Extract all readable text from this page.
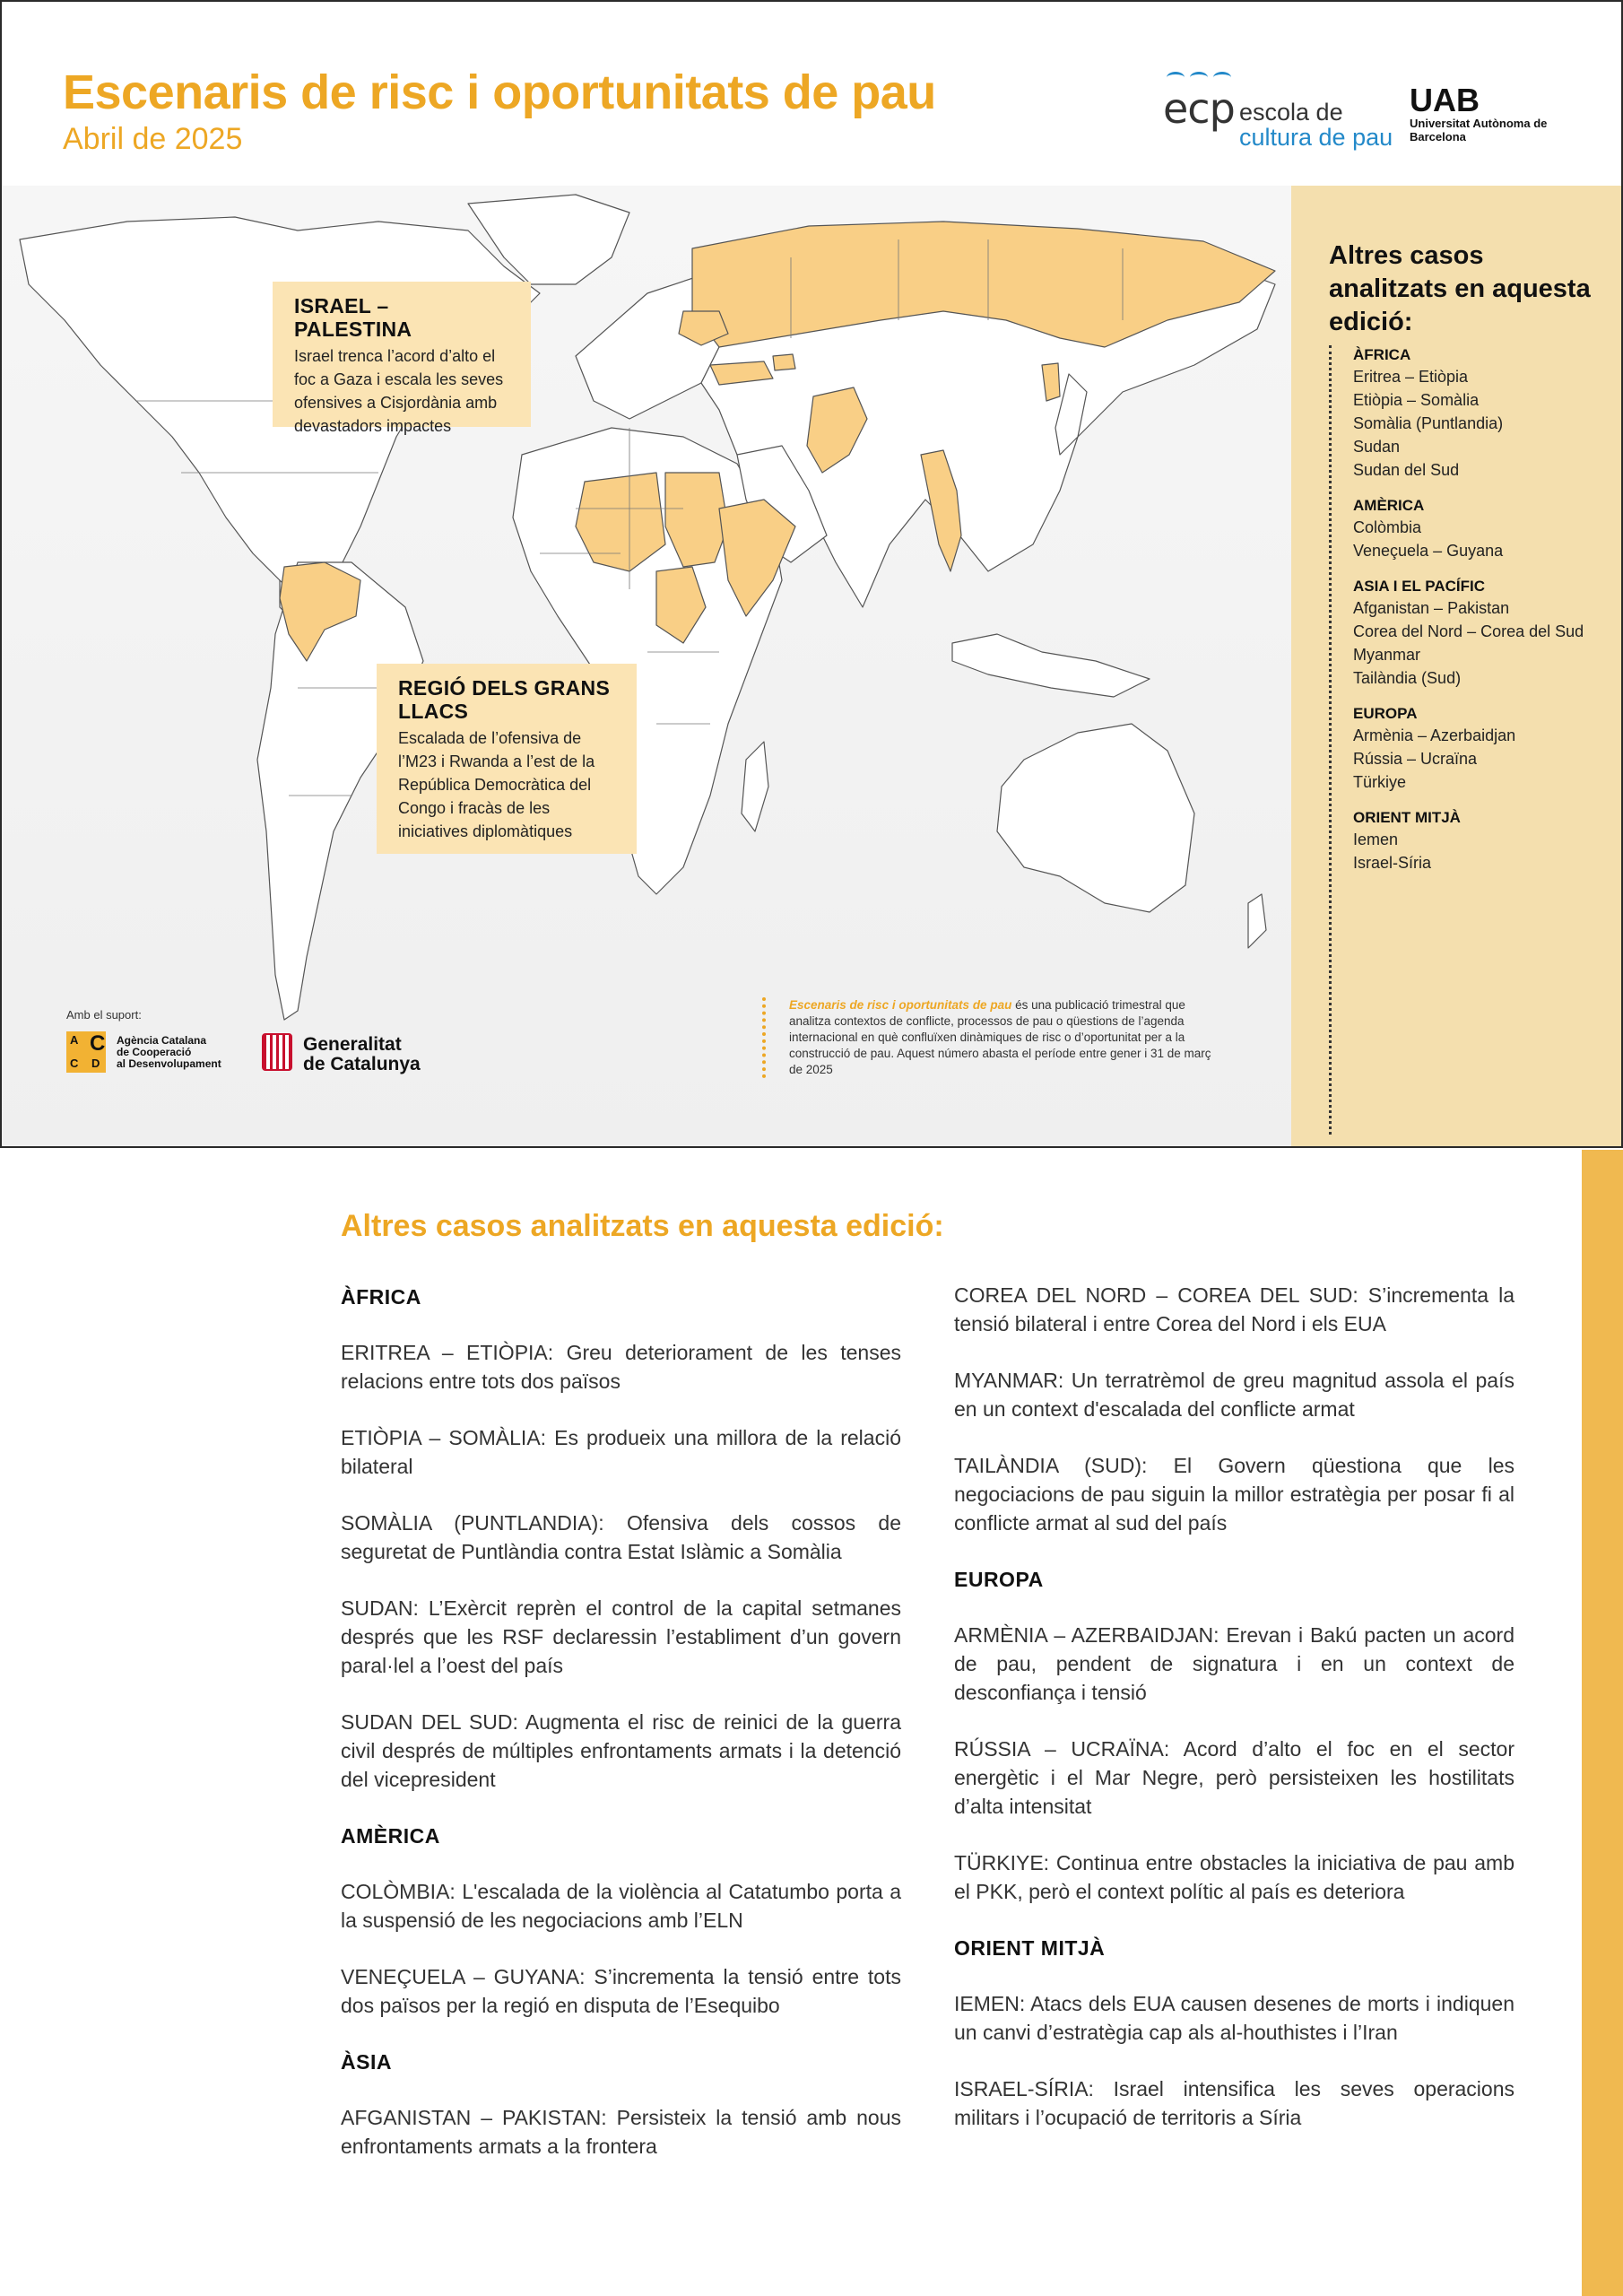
Escenaris de risc i oportunitats de pau
Abril de 2025
ecp escola de
cultura de pau
UAB
Universitat Autònoma de Barcelona
ISRAEL – PALESTINA

Israel trenca l’acord d’alto el foc a Gaza i escala les seves ofensives a Cisjordània amb devastadors impactes

REGIÓ DELS GRANS LLACS

Escalada de l’ofensiva de l’M23 i Rwanda a l’est de la República Democràtica del Congo i fracàs de les iniciatives diplomàtiques

Amb el suport:
A C
C D
Agència Catalana
de Cooperació
al Desenvolupament
Generalitat
de Catalunya
Escenaris de risc i oportunitats de pau és una publicació trimestral que analitza contextos de conflicte, processos de pau o qüestions de l’agenda internacional en què confluïxen dinàmiques de risc o d’oportunitat per a la construcció de pau. Aquest número abasta el període entre gener i 31 de març de 2025
Altres casos analitzats en aquesta edició:
ÀFRICA
Eritrea – Etiòpia
Etiòpia – Somàlia
Somàlia (Puntlandia)
Sudan
Sudan del Sud
AMÈRICA
Colòmbia
Veneçuela – Guyana
ASIA I EL PACÍFIC
Afganistan – Pakistan
Corea del Nord – Corea del Sud
Myanmar
Tailàndia (Sud)
EUROPA
Armènia – Azerbaidjan
Rússia – Ucraïna
Türkiye
ORIENT MITJÀ
Iemen
Israel-Síria
Altres casos analitzats en aquesta edició:
ÀFRICA
ERITREA – ETIÒPIA: Greu deteriorament de les tenses relacions entre tots dos països
ETIÒPIA – SOMÀLIA: Es produeix una millora de la relació bilateral
SOMÀLIA (PUNTLANDIA): Ofensiva dels cossos de seguretat de Puntlàndia contra Estat Islàmic a Somàlia
SUDAN: L’Exèrcit reprèn el control de la capital setmanes després que les RSF declaressin l’establiment d’un govern paral·lel a l’oest del país
SUDAN DEL SUD: Augmenta el risc de reinici de la guerra civil després de múltiples enfrontaments armats i la detenció del vicepresident
AMÈRICA
COLÒMBIA: L'escalada de la violència al Catatumbo porta a la suspensió de les negociacions amb l’ELN
VENEÇUELA – GUYANA: S’incrementa la tensió entre tots dos països per la regió en disputa de l’Esequibo
ÀSIA
AFGANISTAN – PAKISTAN: Persisteix la tensió amb nous enfrontaments armats a la frontera
COREA DEL NORD – COREA DEL SUD: S’incrementa la tensió bilateral i entre Corea del Nord i els EUA
MYANMAR: Un terratrèmol de greu magnitud assola el país en un context d'escalada del conflicte armat
TAILÀNDIA (SUD): El Govern qüestiona que les negociacions de pau siguin la millor estratègia per posar fi al conflicte armat al sud del país
EUROPA
ARMÈNIA – AZERBAIDJAN: Erevan i Bakú pacten un acord de pau, pendent de signatura i en un context de desconfiança i tensió
RÚSSIA – UCRAÏNA: Acord d’alto el foc en el sector energètic i el Mar Negre, però persisteixen les hostilitats d’alta intensitat
TÜRKIYE: Continua entre obstacles la iniciativa de pau amb el PKK, però el context polític al país es deteriora
ORIENT MITJÀ
IEMEN: Atacs dels EUA causen desenes de morts i indiquen un canvi d’estratègia cap als al-houthistes i l’Iran
ISRAEL-SÍRIA: Israel intensifica les seves operacions militars i l’ocupació de territoris a Síria
